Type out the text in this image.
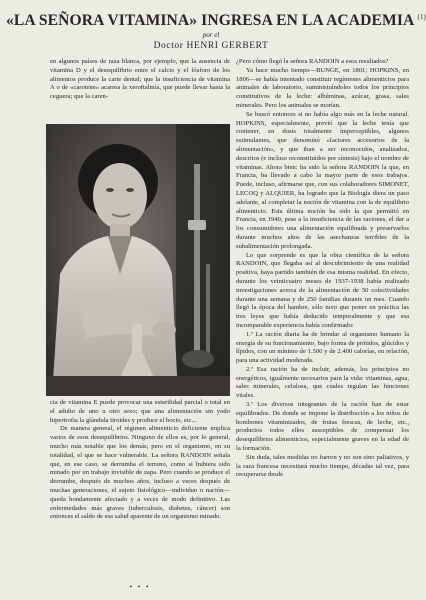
«LA SEÑORA VITAMINA» INGRESA EN LA ACADEMIA $^{(1)}$
por el
Doctor HENRI GERBERT

en algunos países de raza blanca, por ejemplo, que la ausencia de vitamina D y el desequilibrio entre el calcio y el fósforo de los alimentos produce la carie dental; que la insuficiencia de vitamina A o de «carotene» acarrea la xeroftalmía, que puede llevar hasta la ceguera; que la caren-

cia de vitamina E puede provocar una esterilidad parcial o total en el adulto de uno u otro sexo; que una alimentación sin yodo hipertrofia la glándula tiroides y produce el bocio, etc...

De manera general, el régimen alimenticio deficiente implica varios de esos desequilibrios. Ninguno de ellos es, por lo general, mucho más notable que los demás; pero en el organismo, en su totalidad, el que se hace vulnerable. La señora RANDOIN señala que, en ese caso, se derrumba el terreno, como si hubiera sido minado por un trabajo invisible de zapa. Pero cuando se produce el derrumbe, después de muchos años, incluso a veces después de muchas generaciones, el sujeto fisiológico—individuo o nación—queda hondamente afectado y a veces de modo definitivo. Las enfermedades más graves (tuberculosis, diabetes, cáncer) son entonces el saldo de esa salud aparente de un organismo minado.

• • •

¿Pero cómo llegó la señora RANDOIN a esos resultados?

Ya hace mucho tiempo—BUNGE, en 1801; HOPKINS, en 1806—se había intentado constituir regímenes alimenticios para animales de laboratorio, suministrándoles todos los principios constitutivos de la leche: albúminas, azúcar, grasa, sales minerales. Pero los animales se morían.

Se buscó entonces si no había algo más en la leche natural. HOPKINS, especialmente, previó que la leche tenía que contener, en dosis totalmente imperceptibles, algunos estimulantes, que denominó «factores accesorios de la alimentación», y que iban a ser reconocidos, analizados, descritos (e incluso reconstituidos por síntesis) bajo el nombre de vitaminas. Ahora bien: ha sido la señora RANDOIN la que, en Francia, ha llevado a cabo la mayor parte de esos trabajos. Puede, incluso, afirmarse que, con sus colaboradores SIMONET, LECOQ y ALQUIER, ha logrado que la Biología diera un paso adelante, al completar la noción de vitamina con la de equilibrio alimenticio. Esta última noción ha sido la que permitió en Francia, en 1940, pese a la insuficiencia de las raciones, el dar a los consumidores una alimentación equilibrada y preservarlos durante muchos años de las asechanzas terribles de la subalimentación prolongada.

Lo que sorprende es que la obra científica de la señora RANDOIN, que llegaba así al descubrimiento de una realidad positiva, haya partido también de esa misma realidad. En efecto, durante los veinticuatro meses de 1937-1938 había realizado investigaciones acerca de la alimentación de 50 colectividades durante una semana y de 250 familias durante un mes. Cuando llegó la época del hambre, sólo tuvo que poner en práctica las tres leyes que había deducido temporalmente y que esa incomparable experiencia había confirmado:

1.ª La ración diaria ha de brindar al organismo humano la energía de su funcionamiento, bajo forma de prótidos, glúcidos y lípidos, con un mínimo de 1.500 y de 2.400 calorías, en relación, para una actividad moderada.

2.ª Esa ración ha de incluir, además, los principios no energéticos, igualmente necesarios para la vida: vitaminas, agua, sales minerales, celulosa, que cuales regulan las funciones vitales.

3.ª Los diversos integrantes de la ración han de estar equilibrados. De donde se impone la distribución a los niños de bombones vitaminizados, de frutas frescas, de leche, etc., productos todos ellos susceptibles de compensar los desequilibrios alimenticios, especialmente graves en la edad de la formación.

Sin duda, tales medidas no fueron y no son sino paliativos, y la raza francesa necesitará mucho tiempo, décadas tal vez, para recuperarse desde
